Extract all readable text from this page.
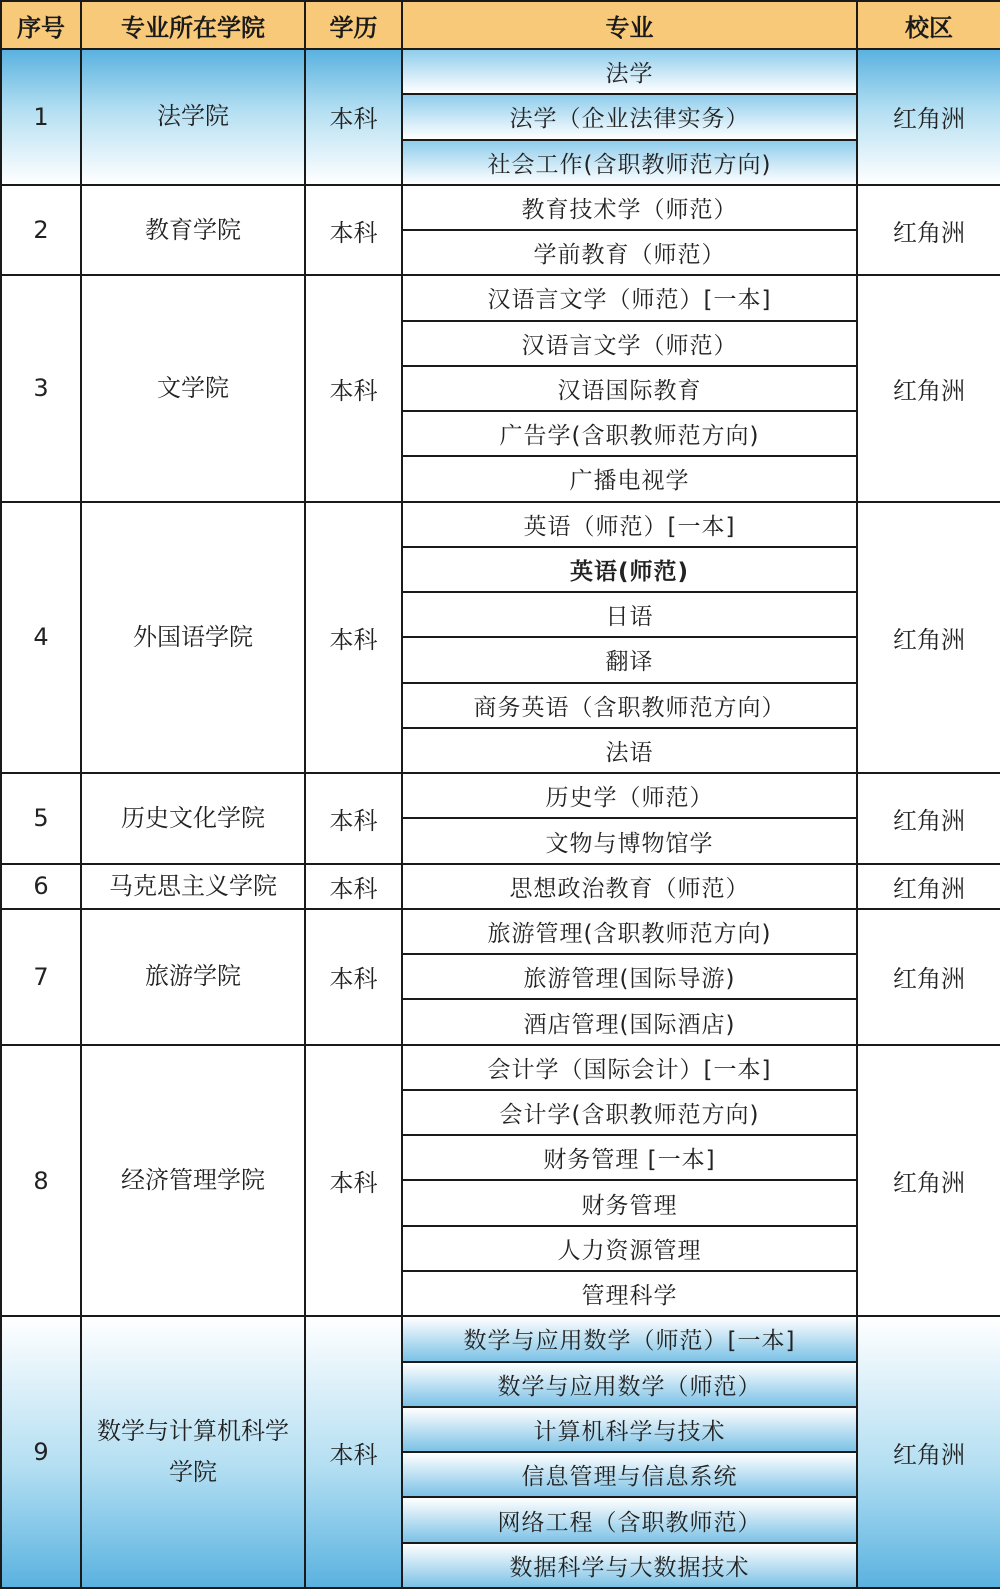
序号	专业所在学院	学历	专业	校区
1	法学院	本科	法学	红角洲
			法学（企业法律实务）	
			社会工作(含职教师范方向)	
2	教育学院	本科	教育技术学（师范）	红角洲
			学前教育（师范）	
3	文学院	本科	汉语言文学（师范）[一本]	红角洲
			汉语言文学（师范）	
			汉语国际教育	
			广告学(含职教师范方向)	
			广播电视学	
4	外国语学院	本科	英语（师范）[一本]	红角洲
			英语(师范)	
			日语	
			翻译	
			商务英语（含职教师范方向）	
			法语	
5	历史文化学院	本科	历史学（师范）	红角洲
			文物与博物馆学	
6	马克思主义学院	本科	思想政治教育（师范）	红角洲
7	旅游学院	本科	旅游管理(含职教师范方向)	红角洲
			旅游管理(国际导游)	
			酒店管理(国际酒店)	
8	经济管理学院	本科	会计学（国际会计）[一本]	红角洲
			会计学(含职教师范方向)	
			财务管理 [一本]	
			财务管理	
			人力资源管理	
			管理科学	
9	数学与计算机科学学院	本科	数学与应用数学（师范）[一本]	红角洲
			数学与应用数学（师范）	
			计算机科学与技术	
			信息管理与信息系统	
			网络工程（含职教师范）	
			数据科学与大数据技术	
